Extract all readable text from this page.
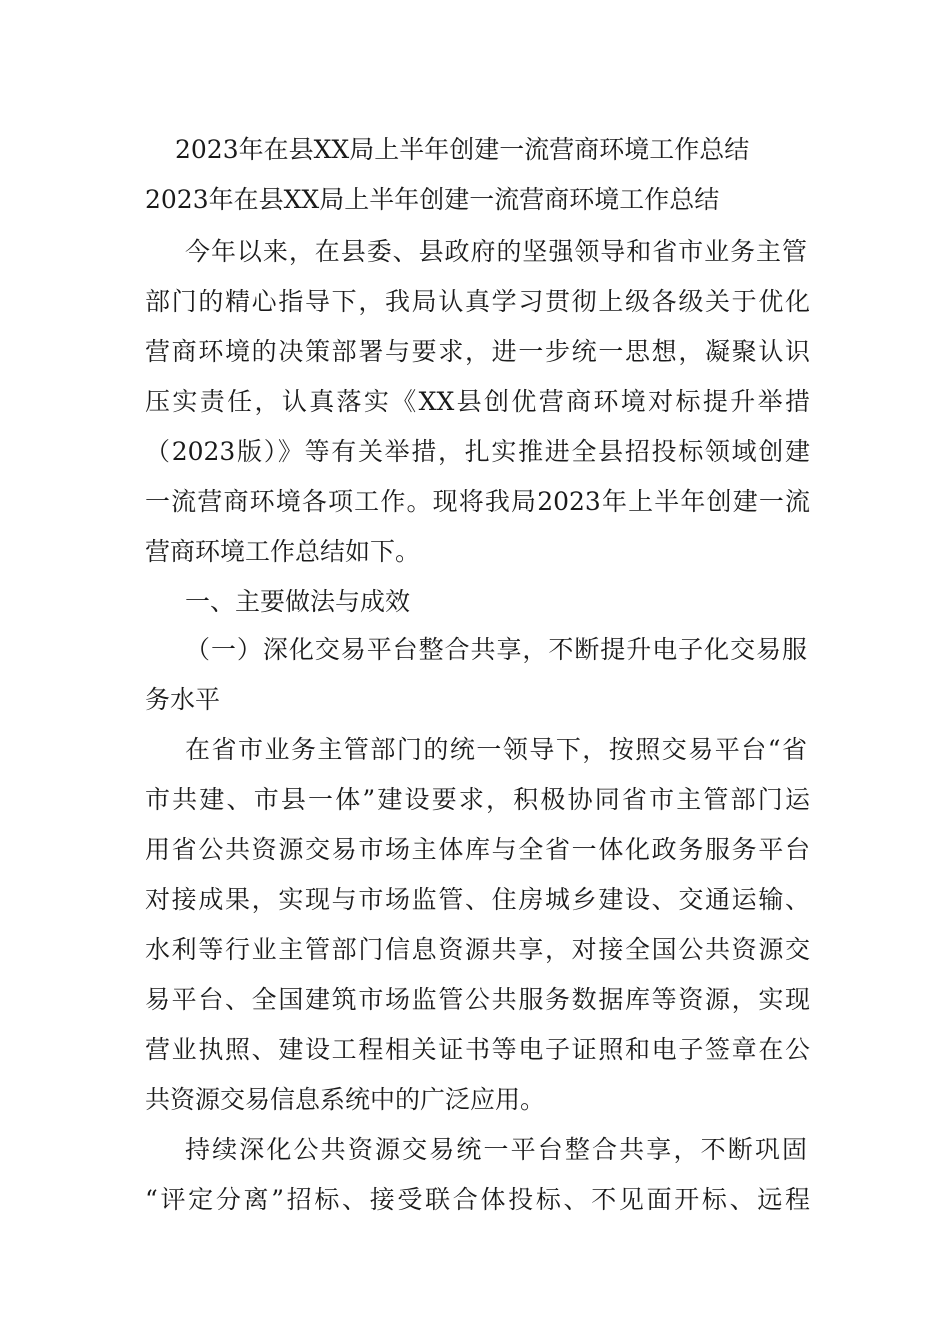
2023年在县XX局上半年创建一流营商环境工作总结
2023年在县XX局上半年创建一流营商环境工作总结
今年以来，在县委、县政府的坚强领导和省市业务主管
部门的精心指导下，我局认真学习贯彻上级各级关于优化
营商环境的决策部署与要求，进一步统一思想，凝聚认识
压实责任，认真落实《XX县创优营商环境对标提升举措
（2023版）》等有关举措，扎实推进全县招投标领域创建
一流营商环境各项工作。现将我局2023年上半年创建一流
营商环境工作总结如下。
一、主要做法与成效
（一）深化交易平台整合共享，不断提升电子化交易服
务水平
在省市业务主管部门的统一领导下，按照交易平台“省
市共建、市县一体”建设要求，积极协同省市主管部门运
用省公共资源交易市场主体库与全省一体化政务服务平台
对接成果，实现与市场监管、住房城乡建设、交通运输、
水利等行业主管部门信息资源共享，对接全国公共资源交
易平台、全国建筑市场监管公共服务数据库等资源，实现
营业执照、建设工程相关证书等电子证照和电子签章在公
共资源交易信息系统中的广泛应用。
持续深化公共资源交易统一平台整合共享，不断巩固
“评定分离”招标、接受联合体投标、不见面开标、远程
